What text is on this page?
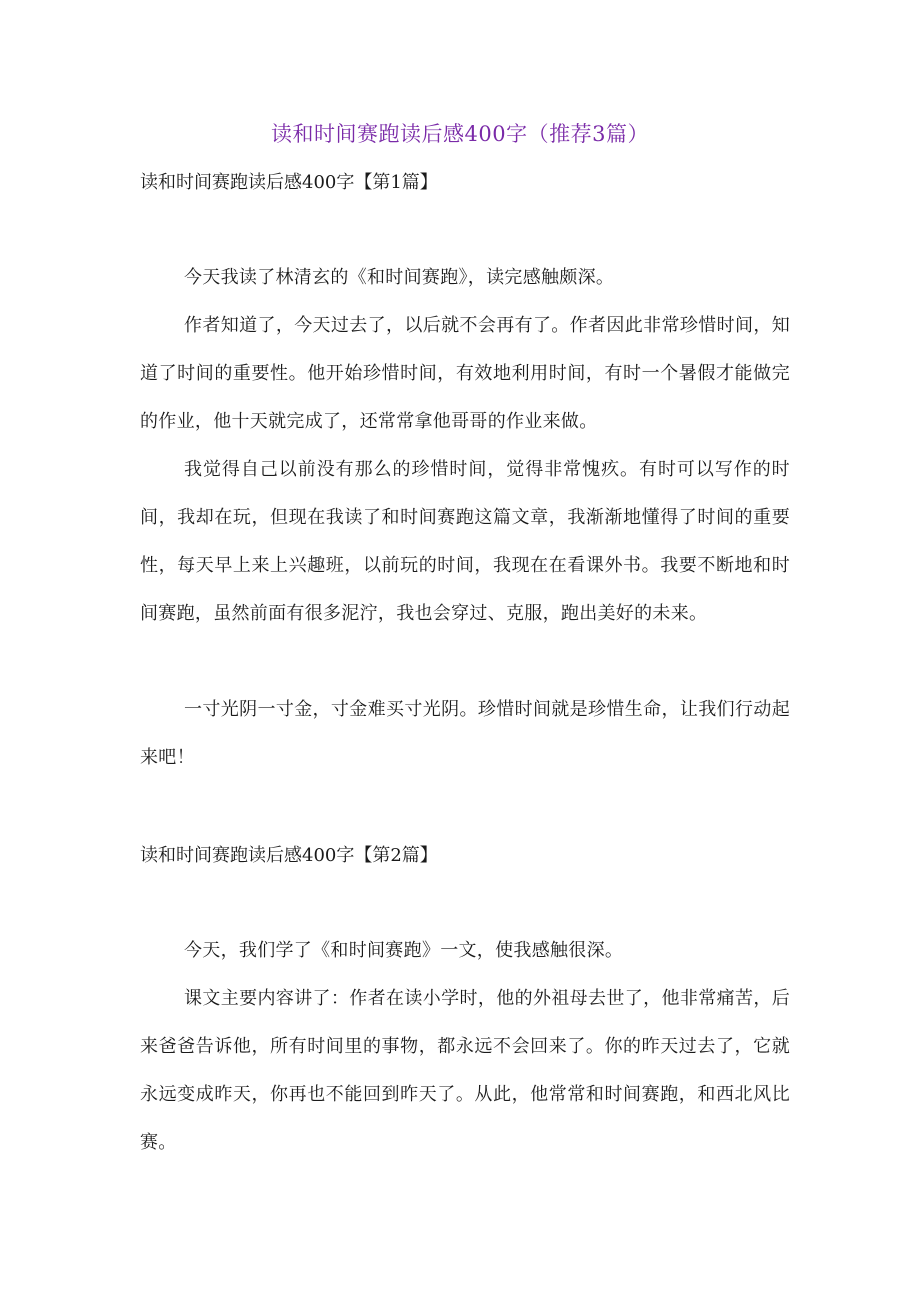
读和时间赛跑读后感400字（推荐3篇）
读和时间赛跑读后感400字【第1篇】

今天我读了林清玄的《和时间赛跑》，读完感触颇深。

作者知道了，今天过去了，以后就不会再有了。作者因此非常珍惜时间，知道了时间的重要性。他开始珍惜时间，有效地利用时间，有时一个暑假才能做完的作业，他十天就完成了，还常常拿他哥哥的作业来做。

我觉得自己以前没有那么的珍惜时间，觉得非常愧疚。有时可以写作的时间，我却在玩，但现在我读了和时间赛跑这篇文章，我渐渐地懂得了时间的重要性，每天早上来上兴趣班，以前玩的时间，我现在在看课外书。我要不断地和时间赛跑，虽然前面有很多泥泞，我也会穿过、克服，跑出美好的未来。

一寸光阴一寸金，寸金难买寸光阴。珍惜时间就是珍惜生命，让我们行动起来吧！

读和时间赛跑读后感400字【第2篇】

今天，我们学了《和时间赛跑》一文，使我感触很深。

课文主要内容讲了：作者在读小学时，他的外祖母去世了，他非常痛苦，后来爸爸告诉他，所有时间里的事物，都永远不会回来了。你的昨天过去了，它就永远变成昨天，你再也不能回到昨天了。从此，他常常和时间赛跑，和西北风比赛。
